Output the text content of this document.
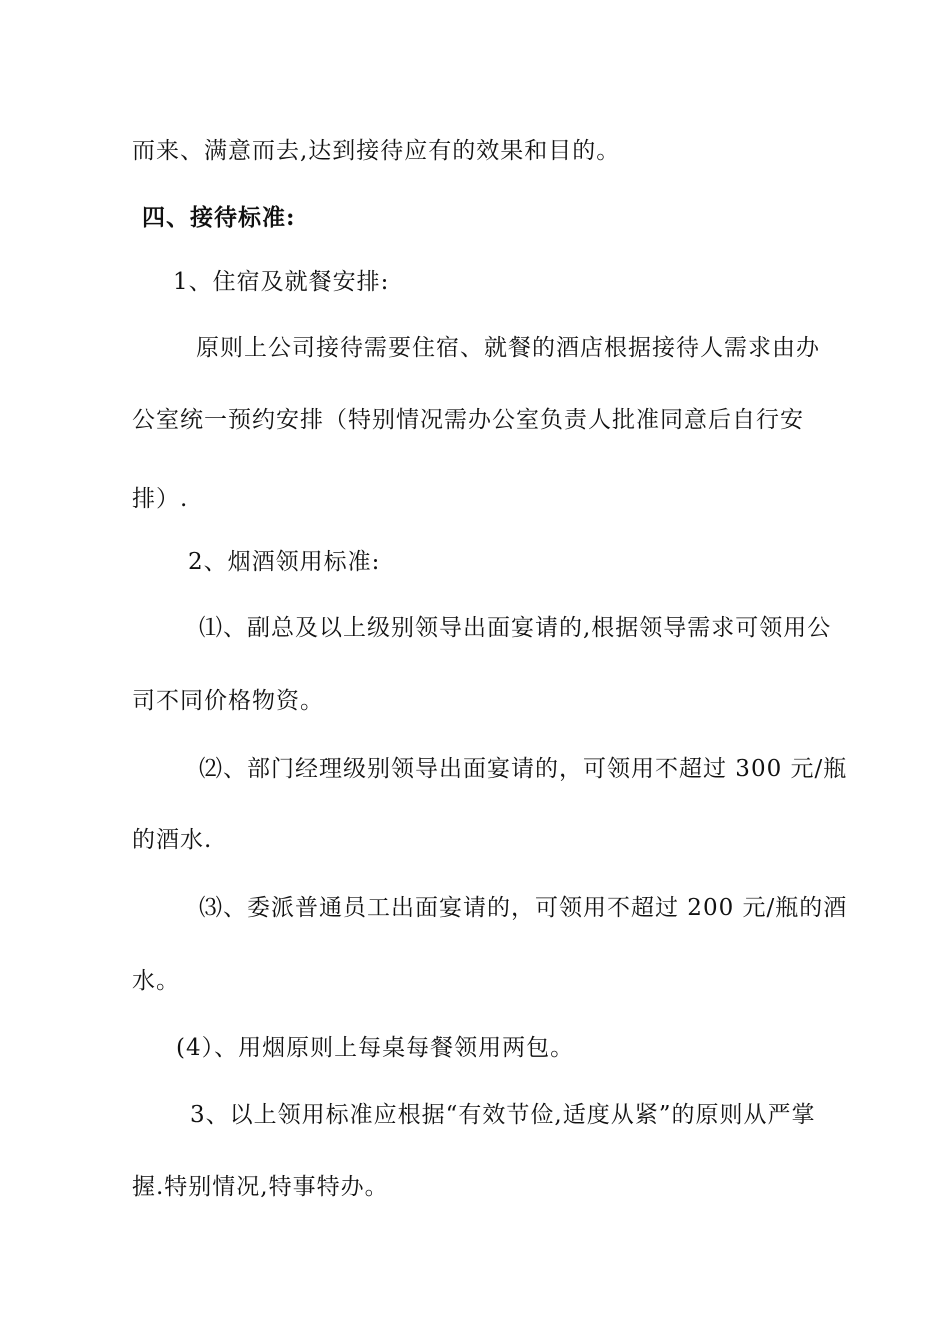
而来、满意而去,达到接待应有的效果和目的。
四、接待标准:
1、住宿及就餐安排:
原则上公司接待需要住宿、就餐的酒店根据接待人需求由办
公室统一预约安排（特别情况需办公室负责人批准同意后自行安
排）.
2、烟酒领用标准:
⑴、副总及以上级别领导出面宴请的,根据领导需求可领用公
司不同价格物资。
⑵、部门经理级别领导出面宴请的，可领用不超过 300 元/瓶
的酒水.
⑶、委派普通员工出面宴请的，可领用不超过 200 元/瓶的酒
水。
(4）、用烟原则上每桌每餐领用两包。
3、以上领用标准应根据“有效节俭,适度从紧”的原则从严掌
握.特别情况,特事特办。
